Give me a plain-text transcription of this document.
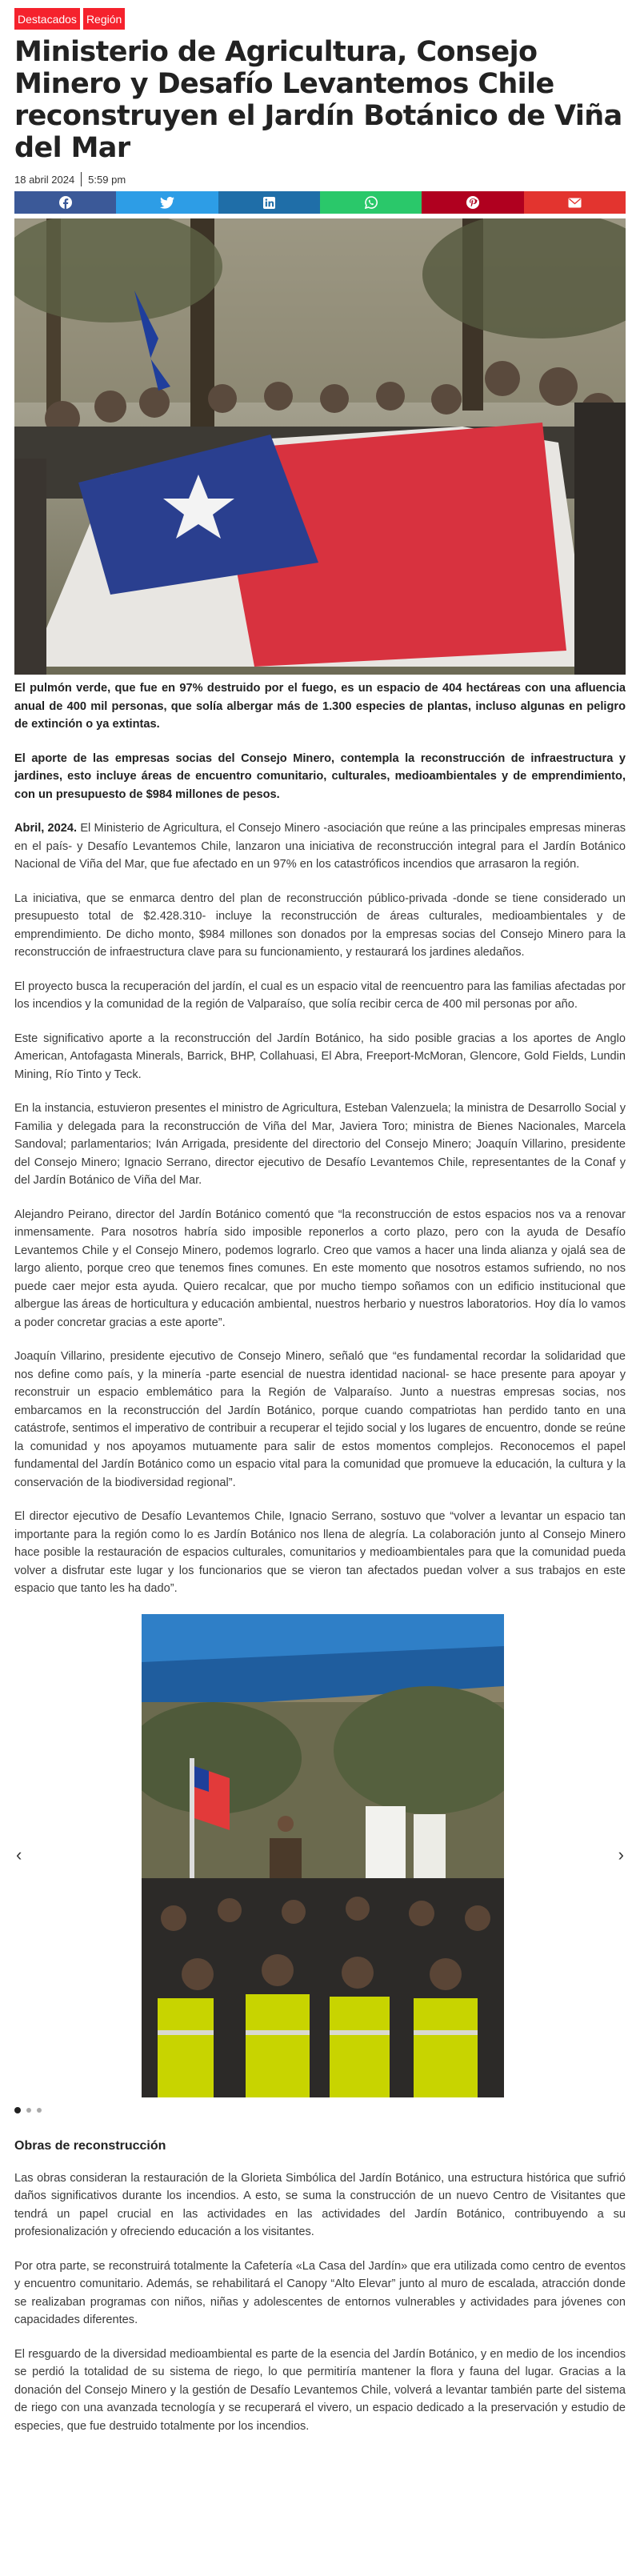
Destacados Región
Ministerio de Agricultura, Consejo Minero y Desafío Levantemos Chile reconstruyen el Jardín Botánico de Viña del Mar
18 abril 2024 5:59 pm

El pulmón verde, que fue en 97% destruido por el fuego, es un espacio de 404 hectáreas con una afluencia anual de 400 mil personas, que solía albergar más de 1.300 especies de plantas, incluso algunas en peligro de extinción o ya extintas.

El aporte de las empresas socias del Consejo Minero, contempla la reconstrucción de infraestructura y jardines, esto incluye áreas de encuentro comunitario, culturales, medioambientales y de emprendimiento, con un presupuesto de $984 millones de pesos.

Abril, 2024. El Ministerio de Agricultura, el Consejo Minero -asociación que reúne a las principales empresas mineras en el país- y Desafío Levantemos Chile, lanzaron una iniciativa de reconstrucción integral para el Jardín Botánico Nacional de Viña del Mar, que fue afectado en un 97% en los catastróficos incendios que arrasaron la región.

La iniciativa, que se enmarca dentro del plan de reconstrucción público-privada -donde se tiene considerado un presupuesto total de $2.428.310- incluye la reconstrucción de áreas culturales, medioambientales y de emprendimiento. De dicho monto, $984 millones son donados por la empresas socias del Consejo Minero para la reconstrucción de infraestructura clave para su funcionamiento, y restaurará los jardines aledaños.

El proyecto busca la recuperación del jardín, el cual es un espacio vital de reencuentro para las familias afectadas por los incendios y la comunidad de la región de Valparaíso, que solía recibir cerca de 400 mil personas por año.

Este significativo aporte a la reconstrucción del Jardín Botánico, ha sido posible gracias a los aportes de Anglo American, Antofagasta Minerals, Barrick, BHP, Collahuasi, El Abra, Freeport-McMoran, Glencore, Gold Fields, Lundin Mining, Río Tinto y Teck.

En la instancia, estuvieron presentes el ministro de Agricultura, Esteban Valenzuela; la ministra de Desarrollo Social y Familia y delegada para la reconstrucción de Viña del Mar, Javiera Toro; ministra de Bienes Nacionales, Marcela Sandoval; parlamentarios; Iván Arrigada, presidente del directorio del Consejo Minero; Joaquín Villarino, presidente del Consejo Minero; Ignacio Serrano, director ejecutivo de Desafío Levantemos Chile, representantes de la Conaf y del Jardín Botánico de Viña del Mar.

Alejandro Peirano, director del Jardín Botánico comentó que “la reconstrucción de estos espacios nos va a renovar inmensamente. Para nosotros habría sido imposible reponerlos a corto plazo, pero con la ayuda de Desafío Levantemos Chile y el Consejo Minero, podemos lograrlo. Creo que vamos a hacer una linda alianza y ojalá sea de largo aliento, porque creo que tenemos fines comunes. En este momento que nosotros estamos sufriendo, no nos puede caer mejor esta ayuda. Quiero recalcar, que por mucho tiempo soñamos con un edificio institucional que albergue las áreas de horticultura y educación ambiental, nuestros herbario y nuestros laboratorios. Hoy día lo vamos a poder concretar gracias a este aporte”.

Joaquín Villarino, presidente ejecutivo de Consejo Minero, señaló que “es fundamental recordar la solidaridad que nos define como país, y la minería -parte esencial de nuestra identidad nacional- se hace presente para apoyar y reconstruir un espacio emblemático para la Región de Valparaíso. Junto a nuestras empresas socias, nos embarcamos en la reconstrucción del Jardín Botánico, porque cuando compatriotas han perdido tanto en una catástrofe, sentimos el imperativo de contribuir a recuperar el tejido social y los lugares de encuentro, donde se reúne la comunidad y nos apoyamos mutuamente para salir de estos momentos complejos. Reconocemos el papel fundamental del Jardín Botánico como un espacio vital para la comunidad que promueve la educación, la cultura y la conservación de la biodiversidad regional”.

El director ejecutivo de Desafío Levantemos Chile, Ignacio Serrano, sostuvo que “volver a levantar un espacio tan importante para la región como lo es Jardín Botánico nos llena de alegría. La colaboración junto al Consejo Minero hace posible la restauración de espacios culturales, comunitarios y medioambientales para que la comunidad pueda volver a disfrutar este lugar y los funcionarios que se vieron tan afectados puedan volver a sus trabajos en este espacio que tanto les ha dado”.

‹	›
Obras de reconstrucción

Las obras consideran la restauración de la Glorieta Simbólica del Jardín Botánico, una estructura histórica que sufrió daños significativos durante los incendios. A esto, se suma la construcción de un nuevo Centro de Visitantes que tendrá un papel crucial en las actividades en las actividades del Jardín Botánico, contribuyendo a su profesionalización y ofreciendo educación a los visitantes.

Por otra parte, se reconstruirá totalmente la Cafetería «La Casa del Jardín» que era utilizada como centro de eventos y encuentro comunitario. Además, se rehabilitará el Canopy “Alto Elevar” junto al muro de escalada, atracción donde se realizaban programas con niños, niñas y adolescentes de entornos vulnerables y actividades para jóvenes con capacidades diferentes.

El resguardo de la diversidad medioambiental es parte de la esencia del Jardín Botánico, y en medio de los incendios se perdió la totalidad de su sistema de riego, lo que permitiría mantener la flora y fauna del lugar. Gracias a la donación del Consejo Minero y la gestión de Desafío Levantemos Chile, volverá a levantar también parte del sistema de riego con una avanzada tecnología y se recuperará el vivero, un espacio dedicado a la preservación y estudio de especies, que fue destruido totalmente por los incendios.
